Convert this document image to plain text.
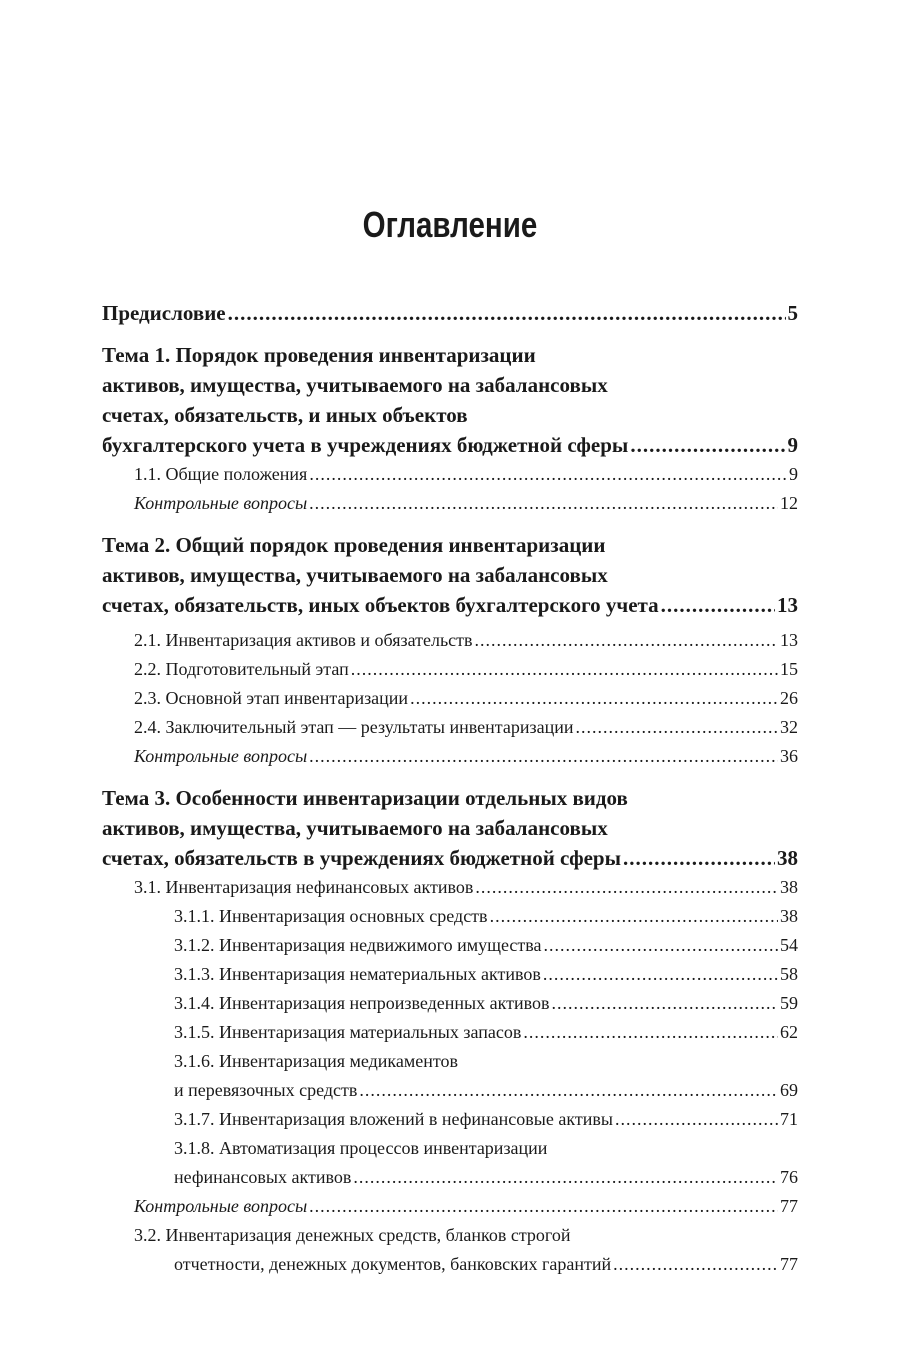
Оглавление
Предисловие .....	5
Тема 1. Порядок проведения инвентаризации
активов, имущества, учитываемого на забалансовых
счетах, обязательств, и иных объектов
бухгалтерского учета в учреждениях бюджетной сферы .....	9
1.1. Общие положения .....	9
Контрольные вопросы .....	12
Тема 2. Общий порядок проведения инвентаризации
активов, имущества, учитываемого на забалансовых
счетах, обязательств, иных объектов бухгалтерского учета .....	13
2.1. Инвентаризация активов и обязательств .....	13
2.2. Подготовительный этап .....	15
2.3. Основной этап инвентаризации .....	26
2.4. Заключительный этап — результаты инвентаризации .....	32
Контрольные вопросы .....	36
Тема 3. Особенности инвентаризации отдельных видов
активов, имущества, учитываемого на забалансовых
счетах, обязательств в учреждениях бюджетной сферы .....	38
3.1. Инвентаризация нефинансовых активов .....	38
3.1.1. Инвентаризация основных средств .....	38
3.1.2. Инвентаризация недвижимого имущества .....	54
3.1.3. Инвентаризация нематериальных активов .....	58
3.1.4. Инвентаризация непроизведенных активов .....	59
3.1.5. Инвентаризация материальных запасов .....	62
3.1.6. Инвентаризация медикаментов
и перевязочных средств .....	69
3.1.7. Инвентаризация вложений в нефинансовые активы .....	71
3.1.8. Автоматизация процессов инвентаризации
нефинансовых активов .....	76
Контрольные вопросы .....	77
3.2. Инвентаризация денежных средств, бланков строгой
отчетности, денежных документов, банковских гарантий .....	77
